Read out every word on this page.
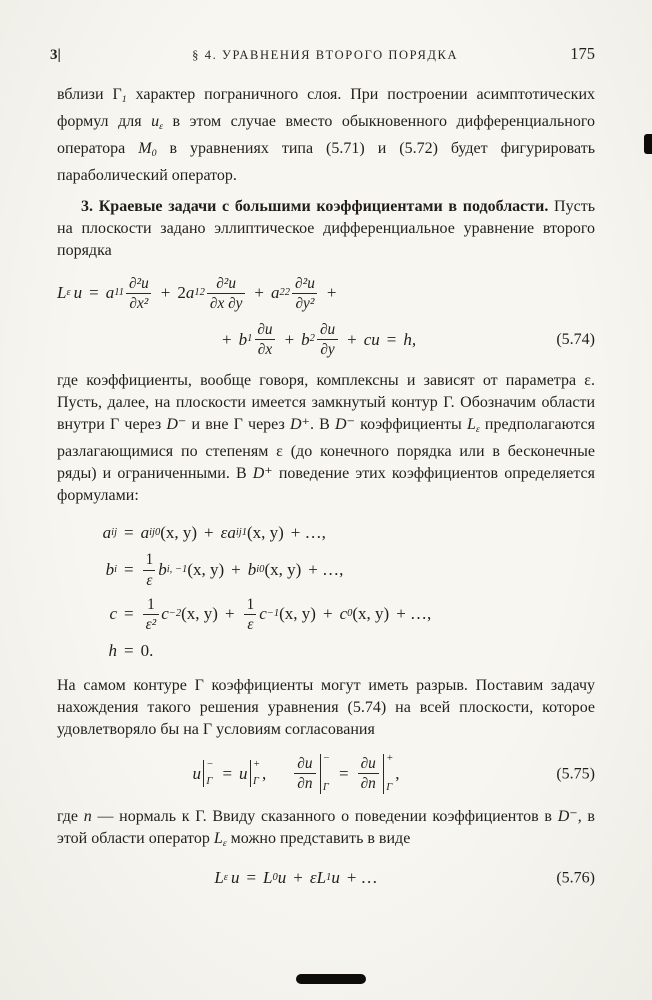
3|	§ 4. УРАВНЕНИЯ ВТОРОГО ПОРЯДКА	175

вблизи $\Gamma_1$ характер пограничного слоя. При построении асимптотических формул для $u_\varepsilon$ в этом случае вместо обыкновенного дифференциального оператора $M_0$ в уравнениях типа (5.71) и (5.72) будет фигурировать параболический оператор.

3. Краевые задачи с большими коэффициентами в подобласти. Пусть на плоскости задано эллиптическое дифференциальное уравнение второго порядка

L ε u = a $11 \frac{\text{∂²u}}{\text{∂x²}} + 2$ a $12 \frac{\text{∂²u}}{\partial x \partial y} + a$ $22 \frac{\text{∂²u}}{\text{∂y²}}$ +
+ b $1 \frac{\partial u}{\partial x} + b$ $2 \frac{\partial u}{\partial y}$ + cu = h,	(5.74)

где коэффициенты, вообще говоря, комплексны и зависят от параметра ε. Пусть, далее, на плоскости имеется замкнутый контур Γ. Обозначим области внутри Γ через D⁻ и вне Γ через D⁺. В D⁻ коэффициенты $L_\varepsilon$ предполагаются разлагающимися по степеням ε (до конечного порядка или в бесконечные ряды) и ограниченными. В D⁺ поведение этих коэффициентов определяется формулами:

a ij = a ij0 (x, y) + ε a ij1 (x, y) + …,
b $i = \frac{1}{\varepsilon}$ b i, −1 (x, y) + b i0 (x, y) + …,
$c = \frac{1}{\text{ε²}}$ c −2 (x, $y) + \frac{1}{\varepsilon}$ c −1 (x, y) + c 0 (x, y) + …,
h = 0.

На самом контуре Γ коэффициенты могут иметь разрыв. Поставим задачу нахождения такого решения уравнения (5.74) на всей плоскости, которое удовлетворяло бы на Γ условиям согласования

u −
Γ = u +
Γ , $\frac{\partial u}{\partial n}$ −
Γ
= $\frac{\partial u}{\partial n}$ +
Γ
,	(5.75)

где n — нормаль к Γ. Ввиду сказанного о поведении коэффициентов в D⁻, в этой области оператор $L_\varepsilon$ можно представить в виде

L ε u = L 0 u + ε L 1 u + …	(5.76)
